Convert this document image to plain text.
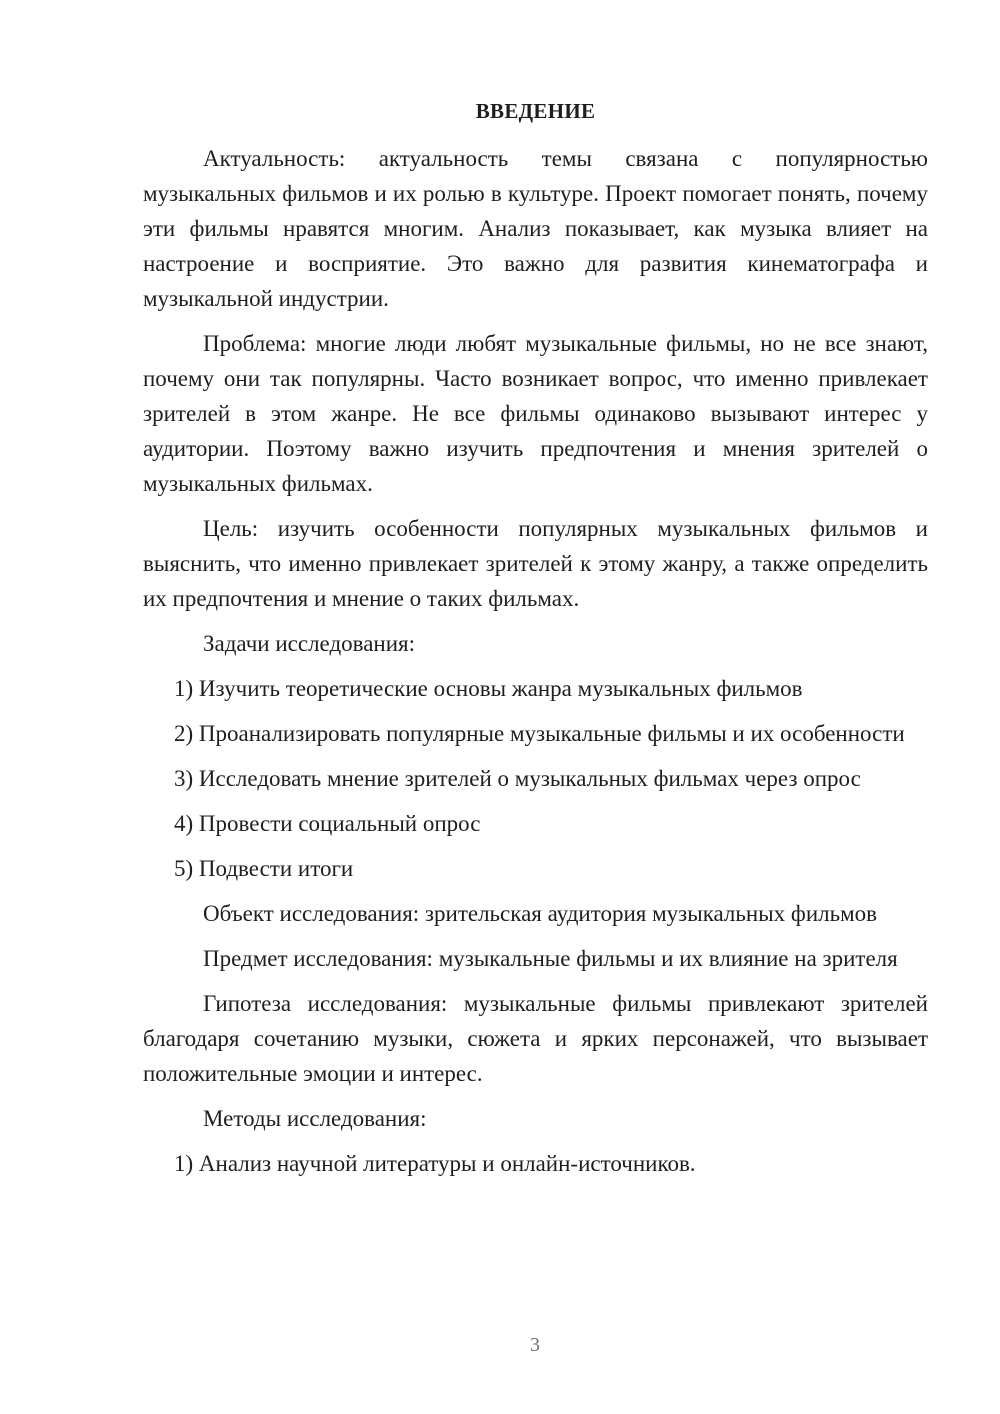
ВВЕДЕНИЕ

Актуальность: актуальность темы связана с популярностью музыкальных фильмов и их ролью в культуре. Проект помогает понять, почему эти фильмы нравятся многим. Анализ показывает, как музыка влияет на настроение и восприятие. Это важно для развития кинематографа и музыкальной индустрии.

Проблема: многие люди любят музыкальные фильмы, но не все знают, почему они так популярны. Часто возникает вопрос, что именно привлекает зрителей в этом жанре. Не все фильмы одинаково вызывают интерес у аудитории. Поэтому важно изучить предпочтения и мнения зрителей о музыкальных фильмах.

Цель: изучить особенности популярных музыкальных фильмов и выяснить, что именно привлекает зрителей к этому жанру, а также определить их предпочтения и мнение о таких фильмах.

Задачи исследования:

1) Изучить теоретические основы жанра музыкальных фильмов

2) Проанализировать популярные музыкальные фильмы и их особенности

3) Исследовать мнение зрителей о музыкальных фильмах через опрос

4) Провести социальный опрос

5) Подвести итоги

Объект исследования: зрительская аудитория музыкальных фильмов

Предмет исследования: музыкальные фильмы и их влияние на зрителя

Гипотеза исследования: музыкальные фильмы привлекают зрителей благодаря сочетанию музыки, сюжета и ярких персонажей, что вызывает положительные эмоции и интерес.

Методы исследования:

1) Анализ научной литературы и онлайн-источников.

3
